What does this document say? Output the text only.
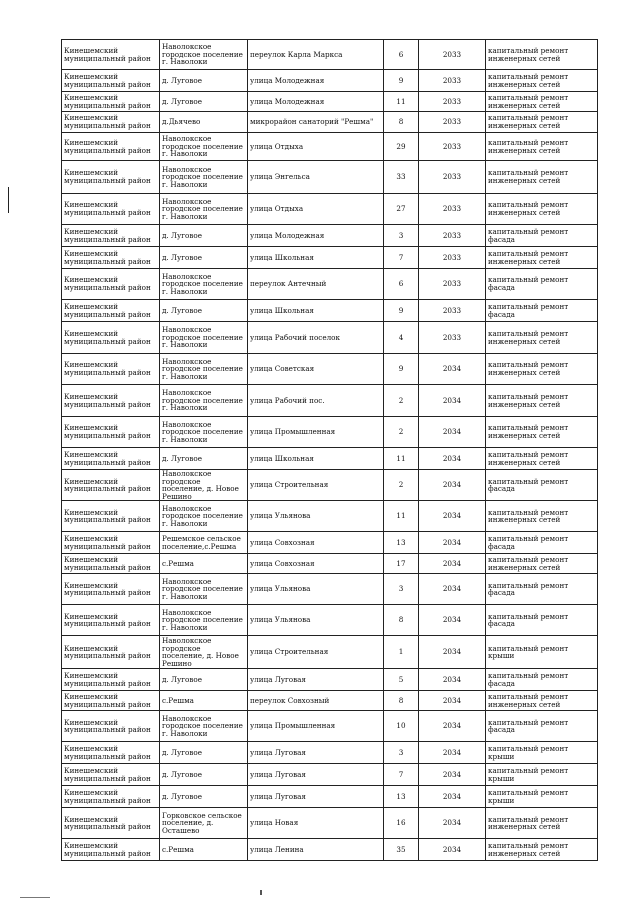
Кинешемский муниципальный район	Наволокское городское поселение г. Наволоки	переулок Карла Маркса	6	2033	капитальный ремонт инженерных сетей
Кинешемский муниципальный район	д. Луговое	улица Молодежная	9	2033	капитальный ремонт инженерных сетей
Кинешемский муниципальный район	д. Луговое	улица Молодежная	11	2033	капитальный ремонт инженерных сетей
Кинешемский муниципальный район	д.Дьячево	микрорайон санаторий "Решма"	8	2033	капитальный ремонт инженерных сетей
Кинешемский муниципальный район	Наволокское городское поселение г. Наволоки	улица Отдыха	29	2033	капитальный ремонт инженерных сетей
Кинешемский муниципальный район	Наволокское городское поселение г. Наволоки	улица Энгельса	33	2033	капитальный ремонт инженерных сетей
Кинешемский муниципальный район	Наволокское городское поселение г. Наволоки	улица Отдыха	27	2033	капитальный ремонт инженерных сетей
Кинешемский муниципальный район	д. Луговое	улица Молодежная	3	2033	капитальный ремонт фасада
Кинешемский муниципальный район	д. Луговое	улица Школьная	7	2033	капитальный ремонт инженерных сетей
Кинешемский муниципальный район	Наволокское городское поселение г. Наволоки	переулок Антечный	6	2033	капитальный ремонт фасада
Кинешемский муниципальный район	д. Луговое	улица Школьная	9	2033	капитальный ремонт фасада
Кинешемский муниципальный район	Наволокское городское поселение г. Наволоки	улица Рабочий поселок	4	2033	капитальный ремонт инженерных сетей
Кинешемский муниципальный район	Наволокское городское поселение г. Наволоки	улица Советская	9	2034	капитальный ремонт инженерных сетей
Кинешемский муниципальный район	Наволокское городское поселение г. Наволоки	улица Рабочий пос.	2	2034	капитальный ремонт инженерных сетей
Кинешемский муниципальный район	Наволокское городское поселение г. Наволоки	улица Промышленная	2	2034	капитальный ремонт инженерных сетей
Кинешемский муниципальный район	д. Луговое	улица Школьная	11	2034	капитальный ремонт инженерных сетей
Кинешемский муниципальный район	Наволокское городское поселение, д. Новое Решино	улица Строительная	2	2034	капитальный ремонт фасада
Кинешемский муниципальный район	Наволокское городское поселение г. Наволоки	улица Ульянова	11	2034	капитальный ремонт инженерных сетей
Кинешемский муниципальный район	Решемское сельское поселение,с.Решма	улица Совхозная	13	2034	капитальный ремонт фасада
Кинешемский муниципальный район	с.Решма	улица Совхозная	17	2034	капитальный ремонт инженерных сетей
Кинешемский муниципальный район	Наволокское городское поселение г. Наволоки	улица Ульянова	3	2034	капитальный ремонт фасада
Кинешемский муниципальный район	Наволокское городское поселение г. Наволоки	улица Ульянова	8	2034	капитальный ремонт фасада
Кинешемский муниципальный район	Наволокское городское поселение, д. Новое Решино	улица Строительная	1	2034	капитальный ремонт крыши
Кинешемский муниципальный район	д. Луговое	улица Луговая	5	2034	капитальный ремонт фасада
Кинешемский муниципальный район	с.Решма	переулок Совхозный	8	2034	капитальный ремонт инженерных сетей
Кинешемский муниципальный район	Наволокское городское поселение г. Наволоки	улица Промышленная	10	2034	капитальный ремонт фасада
Кинешемский муниципальный район	д. Луговое	улица Луговая	3	2034	капитальный ремонт крыши
Кинешемский муниципальный район	д. Луговое	улица Луговая	7	2034	капитальный ремонт крыши
Кинешемский муниципальный район	д. Луговое	улица Луговая	13	2034	капитальный ремонт крыши
Кинешемский муниципальный район	Горковское сельское поселение, д. Осташево	улица Новая	16	2034	капитальный ремонт инженерных сетей
Кинешемский муниципальный район	с.Решма	улица Ленина	35	2034	капитальный ремонт инженерных сетей
